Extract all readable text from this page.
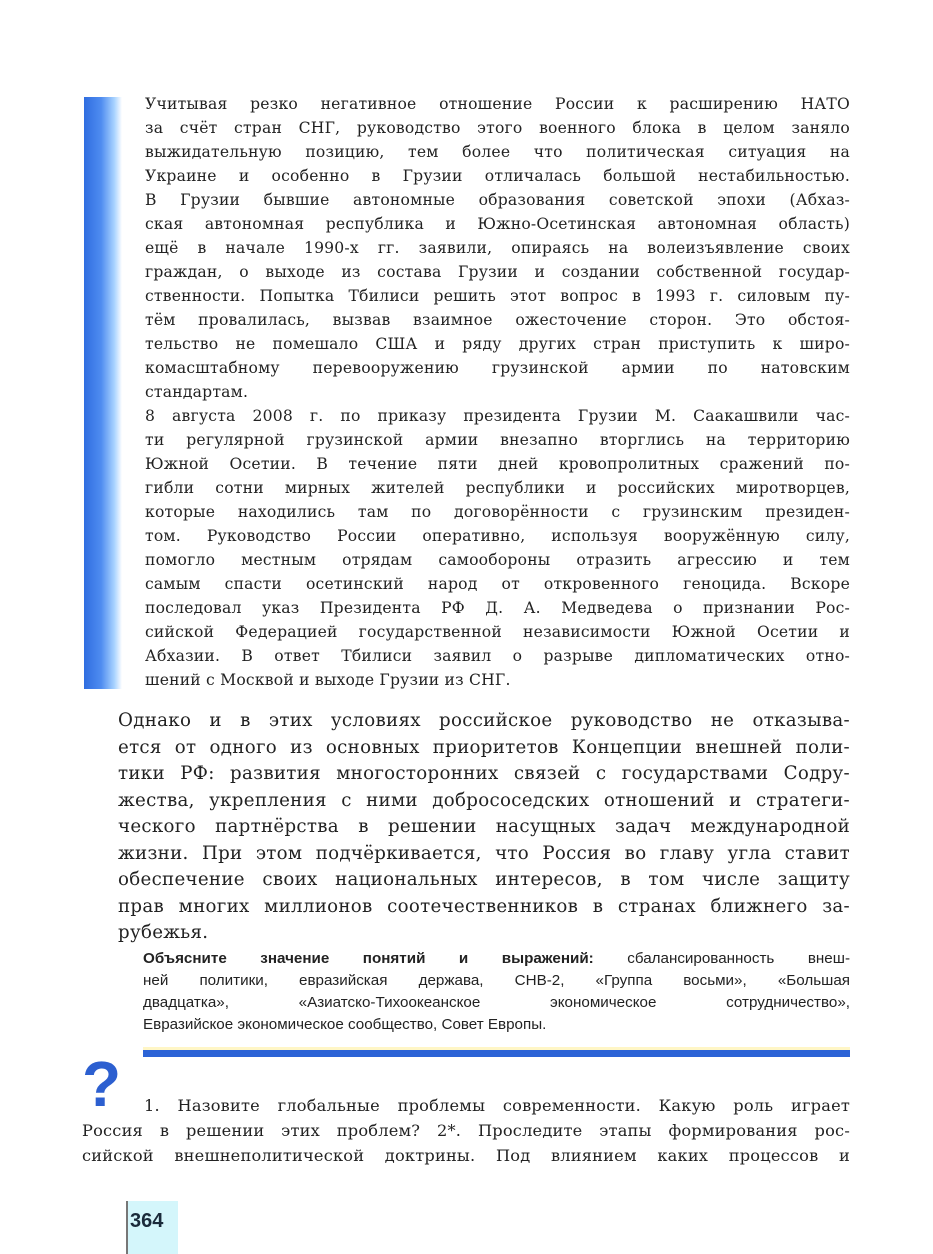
Учитывая резко негативное отношение России к расширению НАТО
за счёт стран СНГ, руководство этого военного блока в целом заняло
выжидательную позицию, тем более что политическая ситуация на
Украине и особенно в Грузии отличалась большой нестабильностью.
В Грузии бывшие автономные образования советской эпохи (Абхаз-
ская автономная республика и Южно-Осетинская автономная область)
ещё в начале 1990-х гг. заявили, опираясь на волеизъявление своих
граждан, о выходе из состава Грузии и создании собственной государ-
ственности. Попытка Тбилиси решить этот вопрос в 1993 г. силовым пу-
тём провалилась, вызвав взаимное ожесточение сторон. Это обстоя-
тельство не помешало США и ряду других стран приступить к широ-
комасштабному перевооружению грузинской армии по натовским
стандартам.
8 августа 2008 г. по приказу президента Грузии М. Саакашвили час-
ти регулярной грузинской армии внезапно вторглись на территорию
Южной Осетии. В течение пяти дней кровопролитных сражений по-
гибли сотни мирных жителей республики и российских миротворцев,
которые находились там по договорённости с грузинским президен-
том. Руководство России оперативно, используя вооружённую силу,
помогло местным отрядам самообороны отразить агрессию и тем
самым спасти осетинский народ от откровенного геноцида. Вскоре
последовал указ Президента РФ Д. А. Медведева о признании Рос-
сийской Федерацией государственной независимости Южной Осетии и
Абхазии. В ответ Тбилиси заявил о разрыве дипломатических отно-
шений с Москвой и выходе Грузии из СНГ.
Однако и в этих условиях российское руководство не отказыва-
ется от одного из основных приоритетов Концепции внешней поли-
тики РФ: развития многосторонних связей с государствами Содру-
жества, укрепления с ними добрососедских отношений и стратеги-
ческого партнёрства в решении насущных задач международной
жизни. При этом подчёркивается, что Россия во главу угла ставит
обеспечение своих национальных интересов, в том числе защиту
прав многих миллионов соотечественников в странах ближнего за-
рубежья.
Объясните значение понятий и выражений: сбалансированность внеш-
ней политики, евразийская держава, СНВ-2, «Группа восьми», «Большая
двадцатка», «Азиатско-Тихоокеанское экономическое сотрудничество»,
Евразийское экономическое сообщество, Совет Европы.
?	1. Назовите глобальные проблемы современности. Какую роль играет
Россия в решении этих проблем? 2*. Проследите этапы формирования рос-
сийской внешнеполитической доктрины. Под влиянием каких процессов и
364
